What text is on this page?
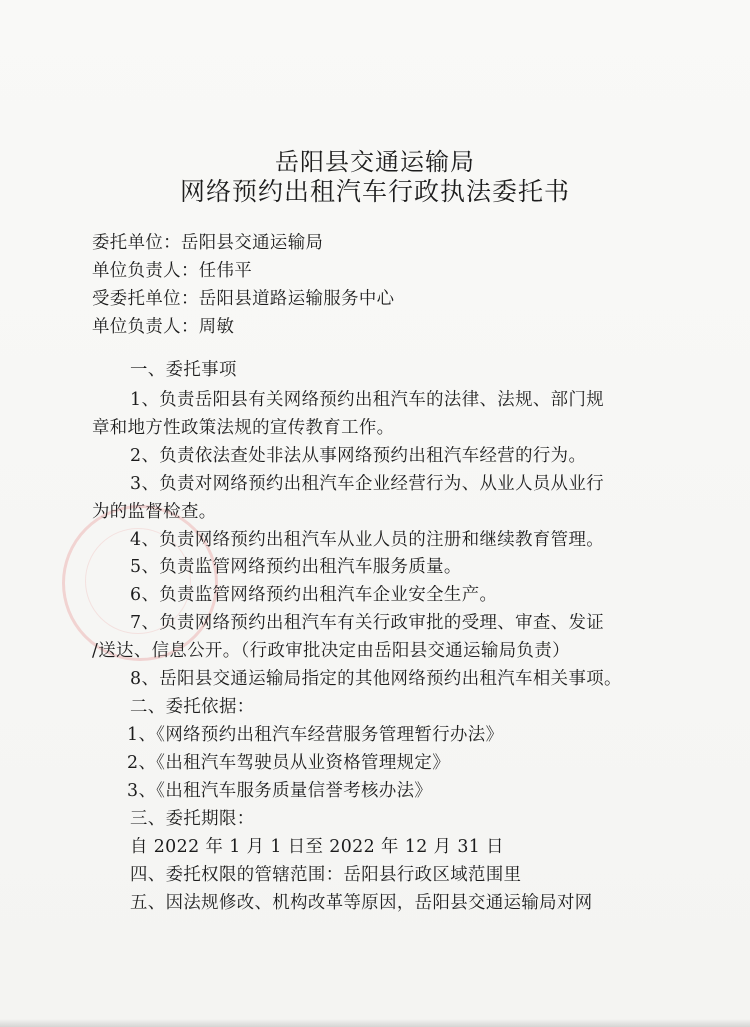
岳阳县交通运输局
网络预约出租汽车行政执法委托书
委托单位：岳阳县交通运输局
单位负责人：任伟平
受委托单位：岳阳县道路运输服务中心
单位负责人：周敏
一、委托事项
1、负责岳阳县有关网络预约出租汽车的法律、法规、部门规
章和地方性政策法规的宣传教育工作。
2、负责依法查处非法从事网络预约出租汽车经营的行为。
3、负责对网络预约出租汽车企业经营行为、从业人员从业行
为的监督检查。
4、负责网络预约出租汽车从业人员的注册和继续教育管理。
5、负责监管网络预约出租汽车服务质量。
6、负责监管网络预约出租汽车企业安全生产。
7、负责网络预约出租汽车有关行政审批的受理、审查、发证
/送达、信息公开。（行政审批决定由岳阳县交通运输局负责）
8、岳阳县交通运输局指定的其他网络预约出租汽车相关事项。
二、委托依据：
1、《网络预约出租汽车经营服务管理暂行办法》
2、《出租汽车驾驶员从业资格管理规定》
3、《出租汽车服务质量信誉考核办法》
三、委托期限：
自 2022 年 1 月 1 日至 2022 年 12 月 31 日
四、委托权限的管辖范围：岳阳县行政区域范围里
五、因法规修改、机构改革等原因，岳阳县交通运输局对网
